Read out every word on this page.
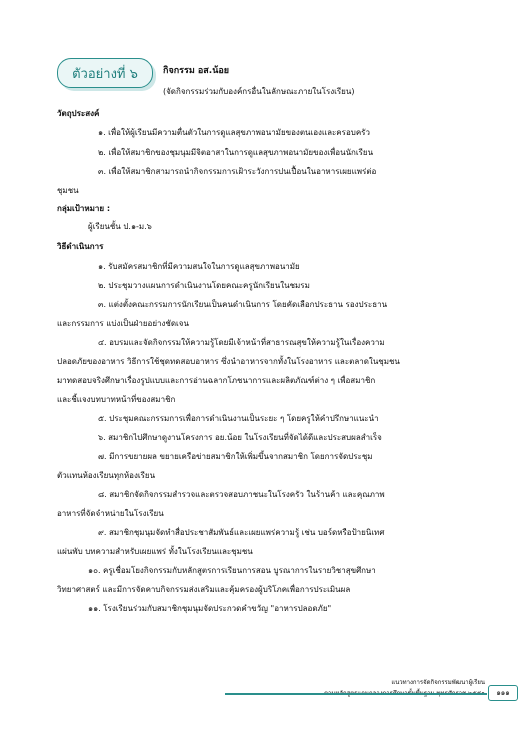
ตัวอย่างที่ ๖	กิจกรรม อส.น้อย
(จัดกิจกรรมร่วมกับองค์กรอื่นในลักษณะภายในโรงเรียน)
วัตถุประสงค์
๑. เพื่อให้ผู้เรียนมีความตื่นตัวในการดูแลสุขภาพอนามัยของตนเองและครอบครัว
๒. เพื่อให้สมาชิกของชุมนุมมีจิตอาสาในการดูแลสุขภาพอนามัยของเพื่อนนักเรียน
๓. เพื่อให้สมาชิกสามารถนำกิจกรรมการเฝ้าระวังการปนเปื้อนในอาหารเผยแพร่ต่อ
ชุมชน
กลุ่มเป้าหมาย :
ผู้เรียนชั้น ป.๑-ม.๖
วิธีดำเนินการ
๑. รับสมัครสมาชิกที่มีความสนใจในการดูแลสุขภาพอนามัย
๒. ประชุมวางแผนการดำเนินงานโดยคณะครูนักเรียนในชมรม
๓. แต่งตั้งคณะกรรมการนักเรียนเป็นคนดำเนินการ โดยคัดเลือกประธาน รองประธาน
และกรรมการ แบ่งเป็นฝ่ายอย่างชัดเจน
๔. อบรมและจัดกิจกรรมให้ความรู้โดยมีเจ้าหน้าที่สาธารณสุขให้ความรู้ในเรื่องความ
ปลอดภัยของอาหาร วิธีการใช้ชุดทดสอบอาหาร ซึ่งนำอาหารจากทั้งในโรงอาหาร และตลาดในชุมชน
มาทดสอบจริงศึกษาเรื่องรูปแบบและการอ่านฉลากโภชนาการและผลิตภัณฑ์ต่าง ๆ เพื่อสมาชิก
และชี้แจงบทบาทหน้าที่ของสมาชิก
๕. ประชุมคณะกรรมการเพื่อการดำเนินงานเป็นระยะ ๆ โดยครูให้คำปรึกษาแนะนำ
๖. สมาชิกไปศึกษาดูงานโครงการ อย.น้อย ในโรงเรียนที่จัดได้ดีและประสบผลสำเร็จ
๗. มีการขยายผล ขยายเครือข่ายสมาชิกให้เพิ่มขึ้นจากสมาชิก โดยการจัดประชุม
ตัวแทนห้องเรียนทุกห้องเรียน
๘. สมาชิกจัดกิจกรรมสำรวจและตรวจสอบภาชนะในโรงครัว ในร้านค้า และคุณภาพ
อาหารที่จัดจำหน่ายในโรงเรียน
๙. สมาชิกชุมนุมจัดทำสื่อประชาสัมพันธ์และเผยแพร่ความรู้ เช่น บอร์ดหรือป้ายนิเทศ
แผ่นพับ บทความสำหรับเผยแพร่ ทั้งในโรงเรียนและชุมชน
๑๐. ครูเชื่อมโยงกิจกรรมกับหลักสูตรการเรียนการสอน บูรณาการในรายวิชาสุขศึกษา
วิทยาศาสตร์ และมีการจัดคาบกิจกรรมส่งเสริมและคุ้มครองผู้บริโภคเพื่อการประเมินผล
๑๑. โรงเรียนร่วมกับสมาชิกชุมนุมจัดประกวดคำขวัญ "อาหารปลอดภัย"
แนวทางการจัดกิจกรรมพัฒนาผู้เรียน
๑๑๑
